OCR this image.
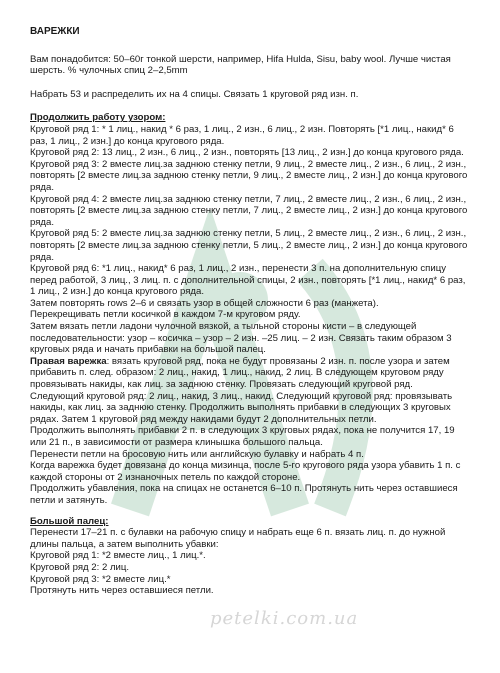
ВАРЕЖКИ

Вам понадобится: 50–60г тонкой шерсти, например, Hifa Hulda, Sisu, baby wool. Лучше чистая шерсть. % чулочных спиц 2–2,5mm

Набрать 53 и распределить их на 4 спицы. Связать 1 круговой ряд изн. п.

Продолжить работу узором:

Круговой ряд 1: * 1 лиц., накид * 6 раз, 1 лиц., 2 изн., 6 лиц., 2 изн. Повторять [*1 лиц., накид* 6 раз, 1 лиц., 2 изн.] до конца кругового ряда.

Круговой ряд 2: 13 лиц., 2 изн., 6 лиц., 2 изн., повторять [13 лиц., 2 изн.] до конца кругового ряда.

Круговой ряд 3: 2 вместе лиц.за заднюю стенку петли, 9 лиц., 2 вместе лиц., 2 изн., 6 лиц., 2 изн., повторять [2 вместе лиц.за заднюю стенку петли, 9 лиц., 2 вместе лиц., 2 изн.] до конца кругового ряда.

Круговой ряд 4: 2 вместе лиц.за заднюю стенку петли, 7 лиц., 2 вместе лиц., 2 изн., 6 лиц., 2 изн., повторять [2 вместе лиц.за заднюю стенку петли, 7 лиц., 2 вместе лиц., 2 изн.] до конца кругового ряда.

Круговой ряд 5: 2 вместе лиц.за заднюю стенку петли, 5 лиц., 2 вместе лиц., 2 изн., 6 лиц., 2 изн., повторять [2 вместе лиц.за заднюю стенку петли, 5 лиц., 2 вместе лиц., 2 изн.] до конца кругового ряда.

Круговой ряд 6: *1 лиц., накид* 6 раз, 1 лиц., 2 изн., перенести 3 п. на дополнительную спицу перед работой, 3 лиц., 3 лиц. п. с дополнительной спицы, 2 изн., повторять [*1 лиц., накид* 6 раз, 1 лиц., 2 изн.] до конца кругового ряда.

Затем повторять rows 2–6 и связать узор в общей сложности 6 раз (манжета).

Перекрещивать петли косичкой в каждом 7-м круговом ряду.

Затем вязать петли ладони чулочной вязкой, а тыльной стороны кисти – в следующей последовательности: узор – косичка – узор – 2 изн. –25 лиц. – 2 изн. Связать таким образом 3 круговых ряда и начать прибавки на большой палец.

Правая варежка: вязать круговой ряд, пока не будут провязаны 2 изн. п. после узора и затем прибавить п. след. образом: 2 лиц., накид, 1 лиц., накид, 2 лиц. В следующем круговом ряду провязывать накиды, как лиц. за заднюю стенку. Провязать следующий круговой ряд.

Следующий круговой ряд: 2 лиц., накид, 3 лиц., накид. Следующий круговой ряд: провязывать накиды, как лиц. за заднюю стенку. Продолжить выполнять прибавки в следующих 3 круговых рядах. Затем 1 круговой ряд между накидами будут 2 дополнительных петли.

Продолжить выполнять прибавки 2 п. в следующих 3 круговых рядах, пока не получится 17, 19 или 21 п., в зависимости от размера клинышка большого пальца.

Перенести петли на бросовую нить или английскую булавку и набрать 4 п.

Когда варежка будет довязана до конца мизинца, после 5-го кругового ряда узора убавить 1 п. с каждой стороны от 2 изнаночных петель по каждой стороне.

Продолжить убавления, пока на спицах не останется 6–10 п. Протянуть нить через оставшиеся петли и затянуть.

Большой палец:

Перенести 17–21 п. с булавки на рабочую спицу и набрать еще 6 п. вязать лиц. п. до нужной длины пальца, а затем выполнить убавки:

Круговой ряд 1: *2 вместе лиц., 1 лиц.*.

Круговой ряд 2: 2 лиц.

Круговой ряд 3: *2 вместе лиц.*

Протянуть нить через оставшиеся петли.

petelki.com.ua
